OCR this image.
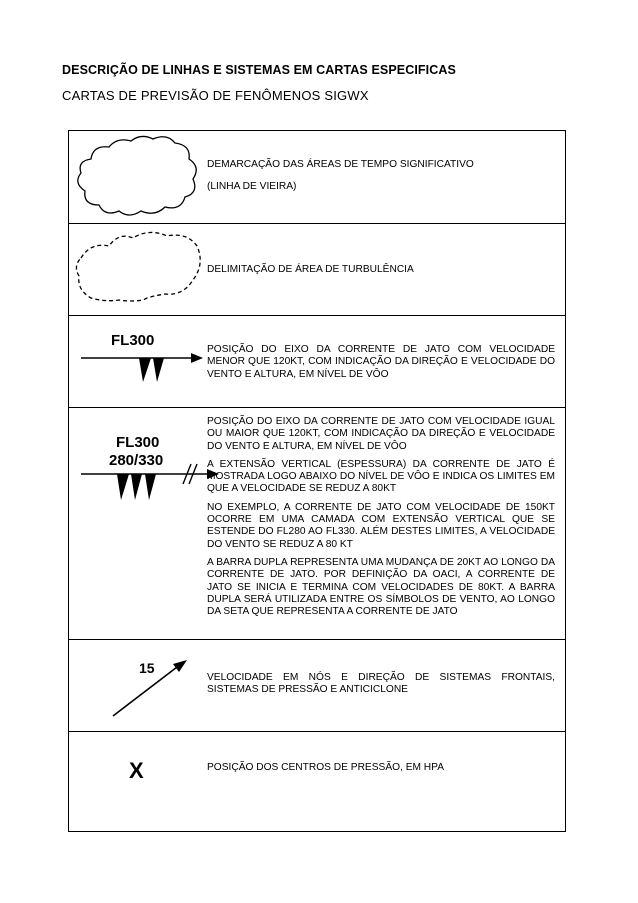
DESCRIÇÃO DE LINHAS E SISTEMAS EM CARTAS ESPECIFICAS
CARTAS DE PREVISÃO DE FENÔMENOS SIGWX
DEMARCAÇÃO DAS ÁREAS DE TEMPO SIGNIFICATIVO
(LINHA DE VIEIRA)
DELIMITAÇÃO DE ÁREA DE TURBULÊNCIA
FL300

POSIÇÃO DO EIXO DA CORRENTE DE JATO COM VELOCIDADE MENOR QUE 120KT, COM INDICAÇÃO DA DIREÇÃO E VELOCIDADE DO VENTO E ALTURA, EM NÍVEL DE VÔO

FL300
280/330

POSIÇÃO DO EIXO DA CORRENTE DE JATO COM VELOCIDADE IGUAL OU MAIOR QUE 120KT, COM INDICAÇÃO DA DIREÇÃO E VELOCIDADE DO VENTO E ALTURA, EM NÍVEL DE VÔO

A EXTENSÃO VERTICAL (ESPESSURA) DA CORRENTE DE JATO É MOSTRADA LOGO ABAIXO DO NÍVEL DE VÔO E INDICA OS LIMITES EM QUE A VELOCIDADE SE REDUZ A 80KT

NO EXEMPLO, A CORRENTE DE JATO COM VELOCIDADE DE 150KT OCORRE EM UMA CAMADA COM EXTENSÃO VERTICAL QUE SE ESTENDE DO FL280 AO FL330. ALÉM DESTES LIMITES, A VELOCIDADE DO VENTO SE REDUZ A 80 KT

A BARRA DUPLA REPRESENTA UMA MUDANÇA DE 20KT AO LONGO DA CORRENTE DE JATO. POR DEFINIÇÃO DA OACI, A CORRENTE DE JATO SE INICIA E TERMINA COM VELOCIDADES DE 80KT. A BARRA DUPLA SERÁ UTILIZADA ENTRE OS SÍMBOLOS DE VENTO, AO LONGO DA SETA QUE REPRESENTA A CORRENTE DE JATO

15

VELOCIDADE EM NÓS E DIREÇÃO DE SISTEMAS FRONTAIS, SISTEMAS DE PRESSÃO E ANTICICLONE

X	POSIÇÃO DOS CENTROS DE PRESSÃO, EM HPA
